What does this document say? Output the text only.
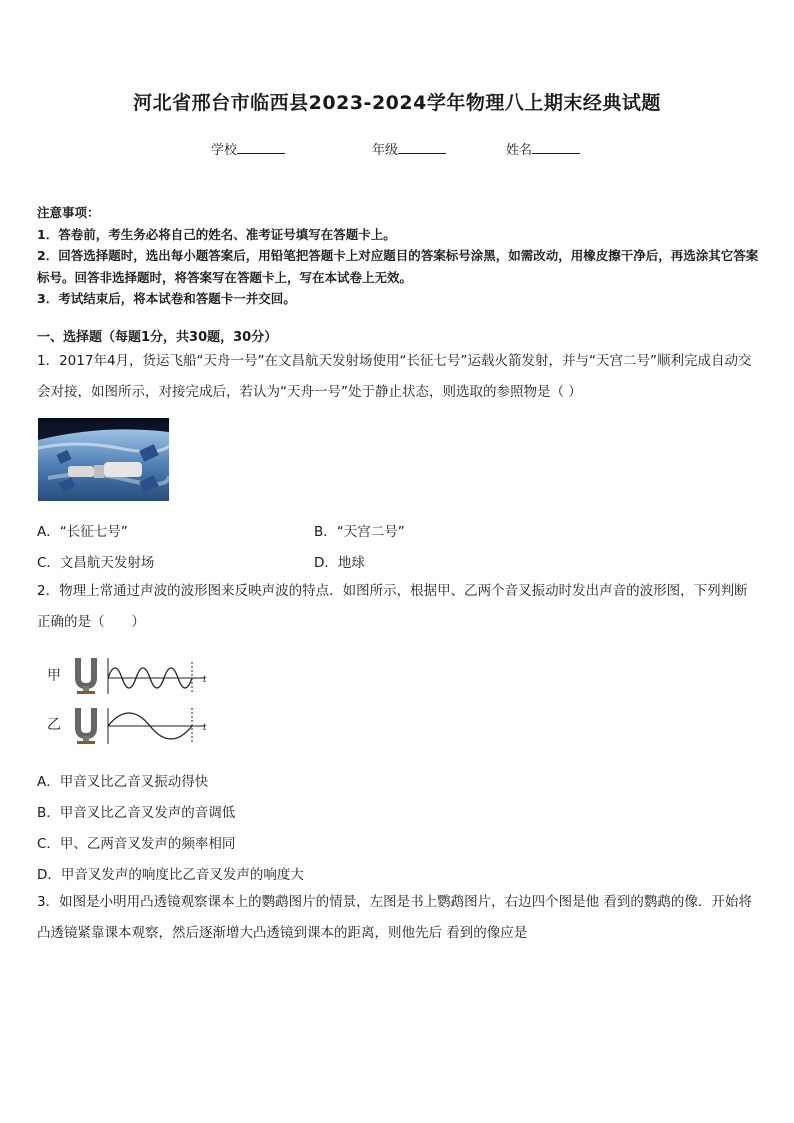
河北省邢台市临西县2023-2024学年物理八上期末经典试题
学校	年级	姓名

注意事项：

1．答卷前，考生务必将自己的姓名、准考证号填写在答题卡上。

2．回答选择题时，选出每小题答案后，用铅笔把答题卡上对应题目的答案标号涂黑，如需改动，用橡皮擦干净后，再选涂其它答案标号。回答非选择题时，将答案写在答题卡上，写在本试卷上无效。

3．考试结束后，将本试卷和答题卡一并交回。

一、选择题（每题1分，共30题，30分）

1．2017年4月，货运飞船“天舟一号”在文昌航天发射场使用“长征七号”运载火箭发射，并与“天宫二号”顺利完成自动交会对接，如图所示，对接完成后，若认为“天舟一号”处于静止状态，则选取的参照物是（ ）

A．“长征七号”	B．“天宫二号”
C．文昌航天发射场	D．地球

2．物理上常通过声波的波形图来反映声波的特点．如图所示，根据甲、乙两个音叉振动时发出声音的波形图，下列判断正确的是（　　）

甲
乙
t
t
A．甲音叉比乙音叉振动得快
B．甲音叉比乙音叉发声的音调低
C．甲、乙两音叉发声的频率相同
D．甲音叉发声的响度比乙音叉发声的响度大

3．如图是小明用凸透镜观察课本上的鹦鹉图片的情景，左图是书上鹦鹉图片，右边四个图是他 看到的鹦鹉的像．开始将凸透镜紧靠课本观察，然后逐渐增大凸透镜到课本的距离，则他先后 看到的像应是
